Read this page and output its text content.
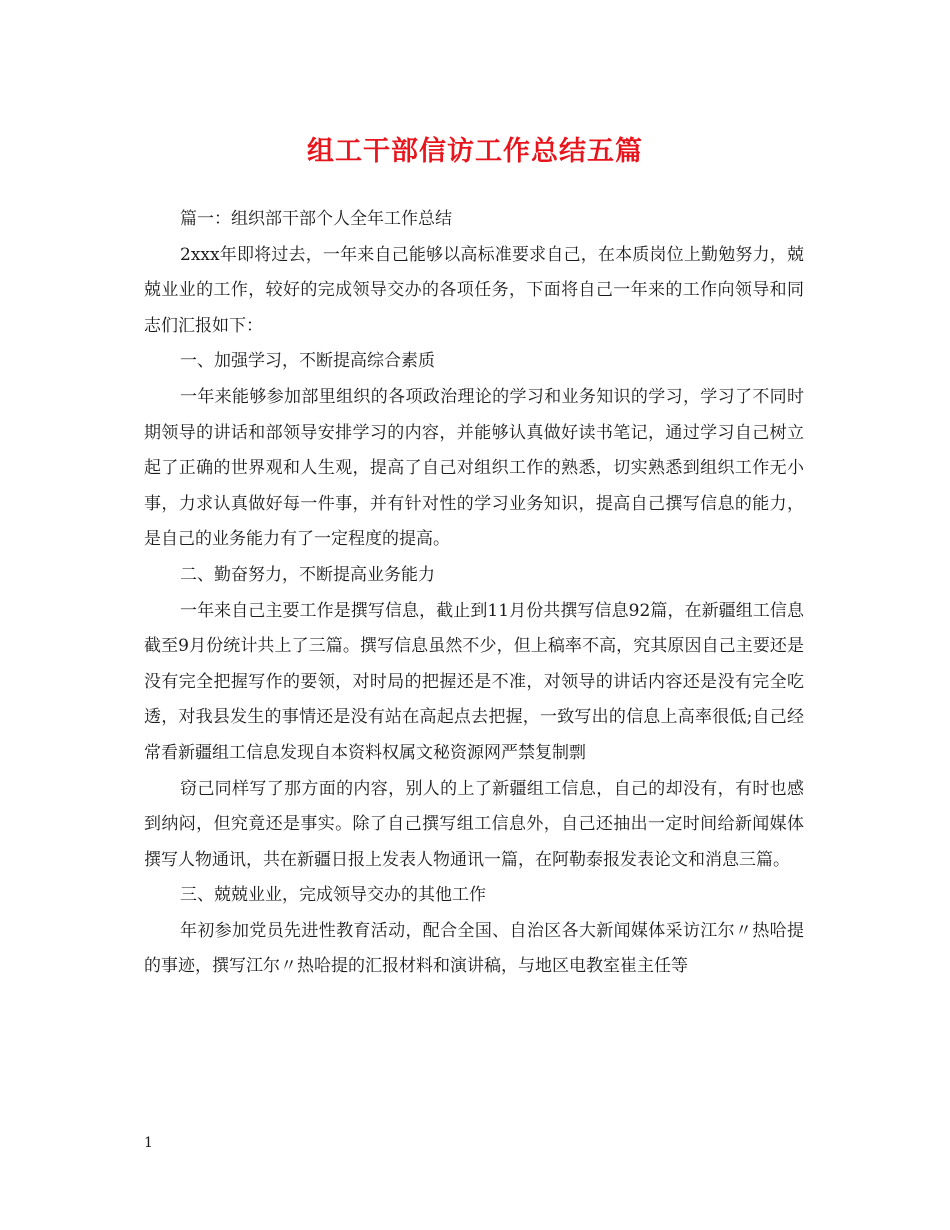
组工干部信访工作总结五篇

篇一：组织部干部个人全年工作总结

2xxx年即将过去，一年来自己能够以高标准要求自己，在本质岗位上勤勉努力，兢兢业业的工作，较好的完成领导交办的各项任务，下面将自己一年来的工作向领导和同志们汇报如下：

一、加强学习，不断提高综合素质

一年来能够参加部里组织的各项政治理论的学习和业务知识的学习，学习了不同时期领导的讲话和部领导安排学习的内容，并能够认真做好读书笔记，通过学习自己树立起了正确的世界观和人生观，提高了自己对组织工作的熟悉，切实熟悉到组织工作无小事，力求认真做好每一件事，并有针对性的学习业务知识，提高自己撰写信息的能力，是自己的业务能力有了一定程度的提高。

二、勤奋努力，不断提高业务能力

一年来自己主要工作是撰写信息，截止到11月份共撰写信息92篇，在新疆组工信息截至9月份统计共上了三篇。撰写信息虽然不少，但上稿率不高，究其原因自己主要还是没有完全把握写作的要领，对时局的把握还是不准，对领导的讲话内容还是没有完全吃透，对我县发生的事情还是没有站在高起点去把握，一致写出的信息上高率很低;自己经常看新疆组工信息发现自本资料权属文秘资源网严禁复制剽

窃己同样写了那方面的内容，别人的上了新疆组工信息，自己的却没有，有时也感到纳闷，但究竟还是事实。除了自己撰写组工信息外，自己还抽出一定时间给新闻媒体撰写人物通讯，共在新疆日报上发表人物通讯一篇，在阿勒泰报发表论文和消息三篇。

三、兢兢业业，完成领导交办的其他工作

年初参加党员先进性教育活动，配合全国、自治区各大新闻媒体采访江尔〃热哈提的事迹，撰写江尔〃热哈提的汇报材料和演讲稿，与地区电教室崔主任等

1
